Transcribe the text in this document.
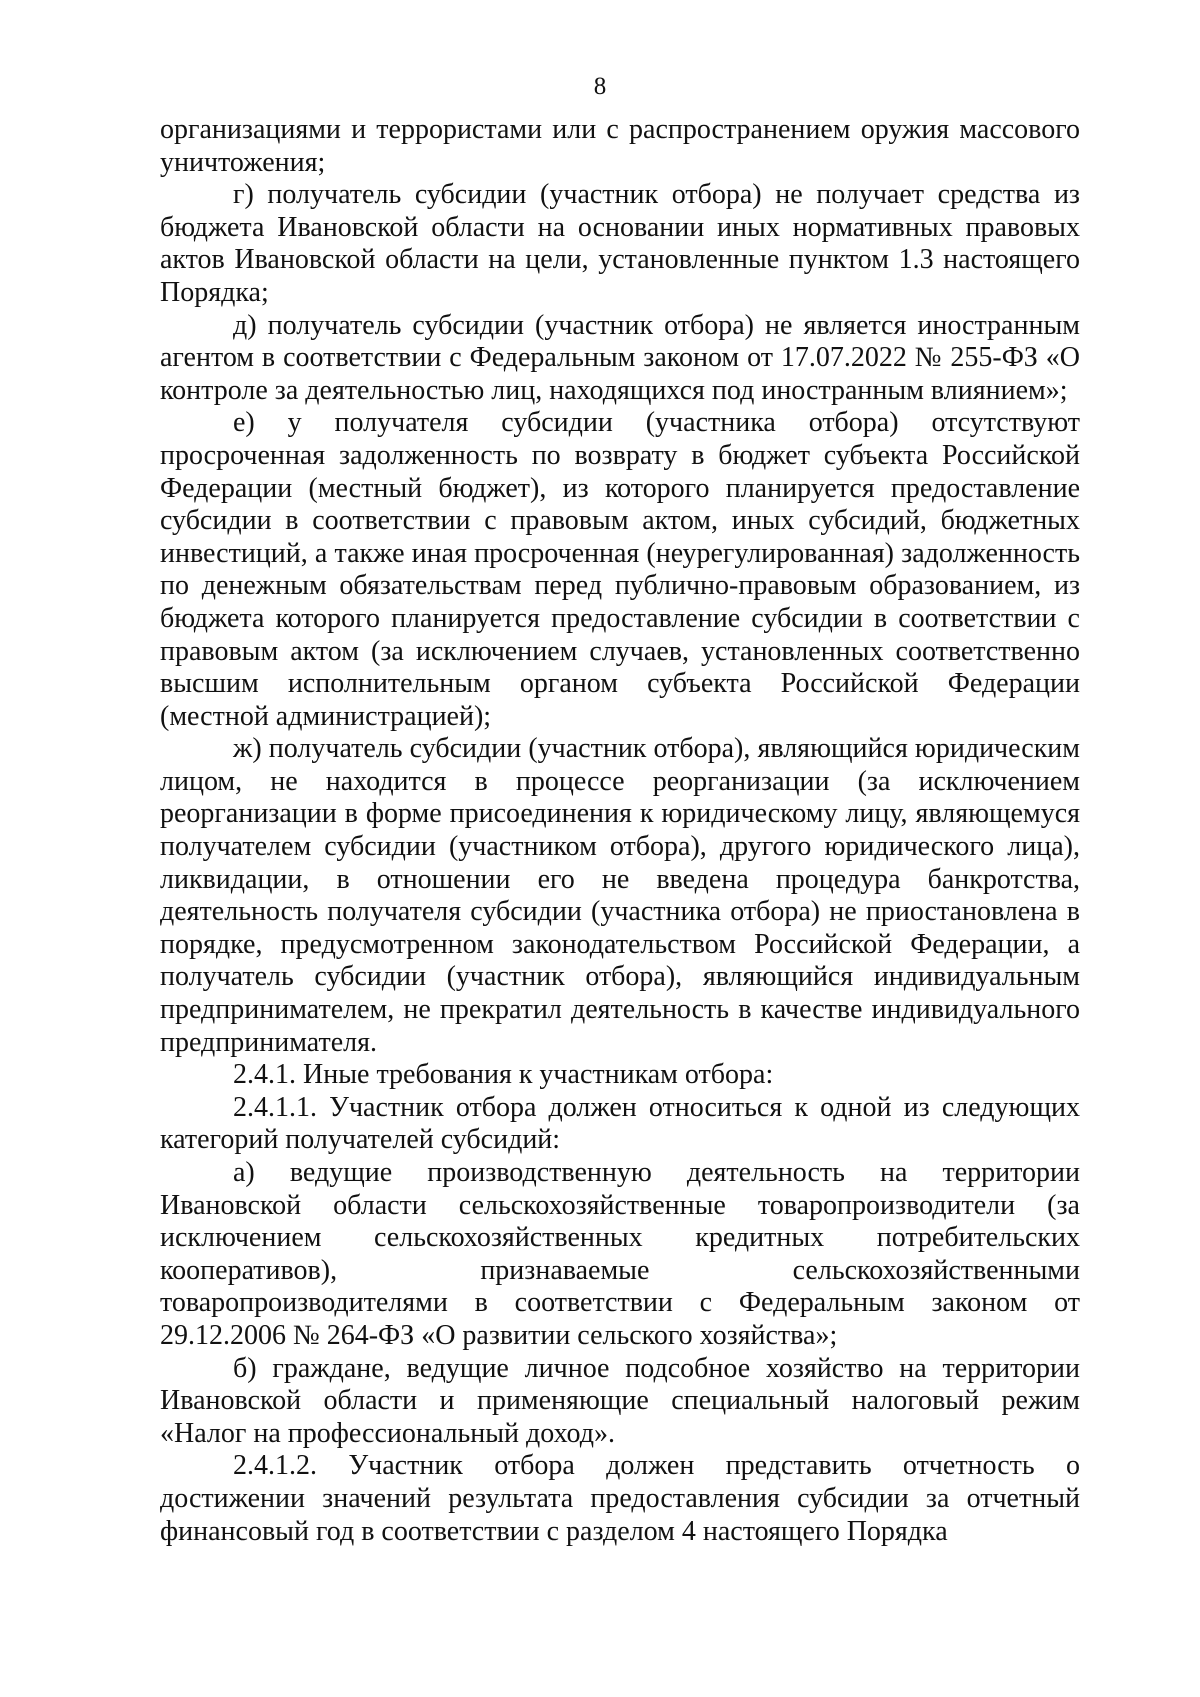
8

организациями и террористами или с распространением оружия массового уничтожения;

г) получатель субсидии (участник отбора) не получает средства из бюджета Ивановской области на основании иных нормативных правовых актов Ивановской области на цели, установленные пунктом 1.3 настоящего Порядка;

д) получатель субсидии (участник отбора) не является иностранным агентом в соответствии с Федеральным законом от 17.07.2022 № 255-ФЗ «О контроле за деятельностью лиц, находящихся под иностранным влиянием»;

е) у получателя субсидии (участника отбора) отсутствуют просроченная задолженность по возврату в бюджет субъекта Российской Федерации (местный бюджет), из которого планируется предоставление субсидии в соответствии с правовым актом, иных субсидий, бюджетных инвестиций, а также иная просроченная (неурегулированная) задолженность по денежным обязательствам перед публично-правовым образованием, из бюджета которого планируется предоставление субсидии в соответствии с правовым актом (за исключением случаев, установленных соответственно высшим исполнительным органом субъекта Российской Федерации (местной администрацией);

ж) получатель субсидии (участник отбора), являющийся юридическим лицом, не находится в процессе реорганизации (за исключением реорганизации в форме присоединения к юридическому лицу, являющемуся получателем субсидии (участником отбора), другого юридического лица), ликвидации, в отношении его не введена процедура банкротства, деятельность получателя субсидии (участника отбора) не приостановлена в порядке, предусмотренном законодательством Российской Федерации, а получатель субсидии (участник отбора), являющийся индивидуальным предпринимателем, не прекратил деятельность в качестве индивидуального предпринимателя.

2.4.1. Иные требования к участникам отбора:

2.4.1.1. Участник отбора должен относиться к одной из следующих категорий получателей субсидий:

а) ведущие производственную деятельность на территории Ивановской области сельскохозяйственные товаропроизводители (за исключением сельскохозяйственных кредитных потребительских кооперативов), признаваемые сельскохозяйственными товаропроизводителями в соответствии с Федеральным законом от 29.12.2006 № 264-ФЗ «О развитии сельского хозяйства»;

б) граждане, ведущие личное подсобное хозяйство на территории Ивановской области и применяющие специальный налоговый режим «Налог на профессиональный доход».

2.4.1.2. Участник отбора должен представить отчетность о достижении значений результата предоставления субсидии за отчетный финансовый год в соответствии с разделом 4 настоящего Порядка
